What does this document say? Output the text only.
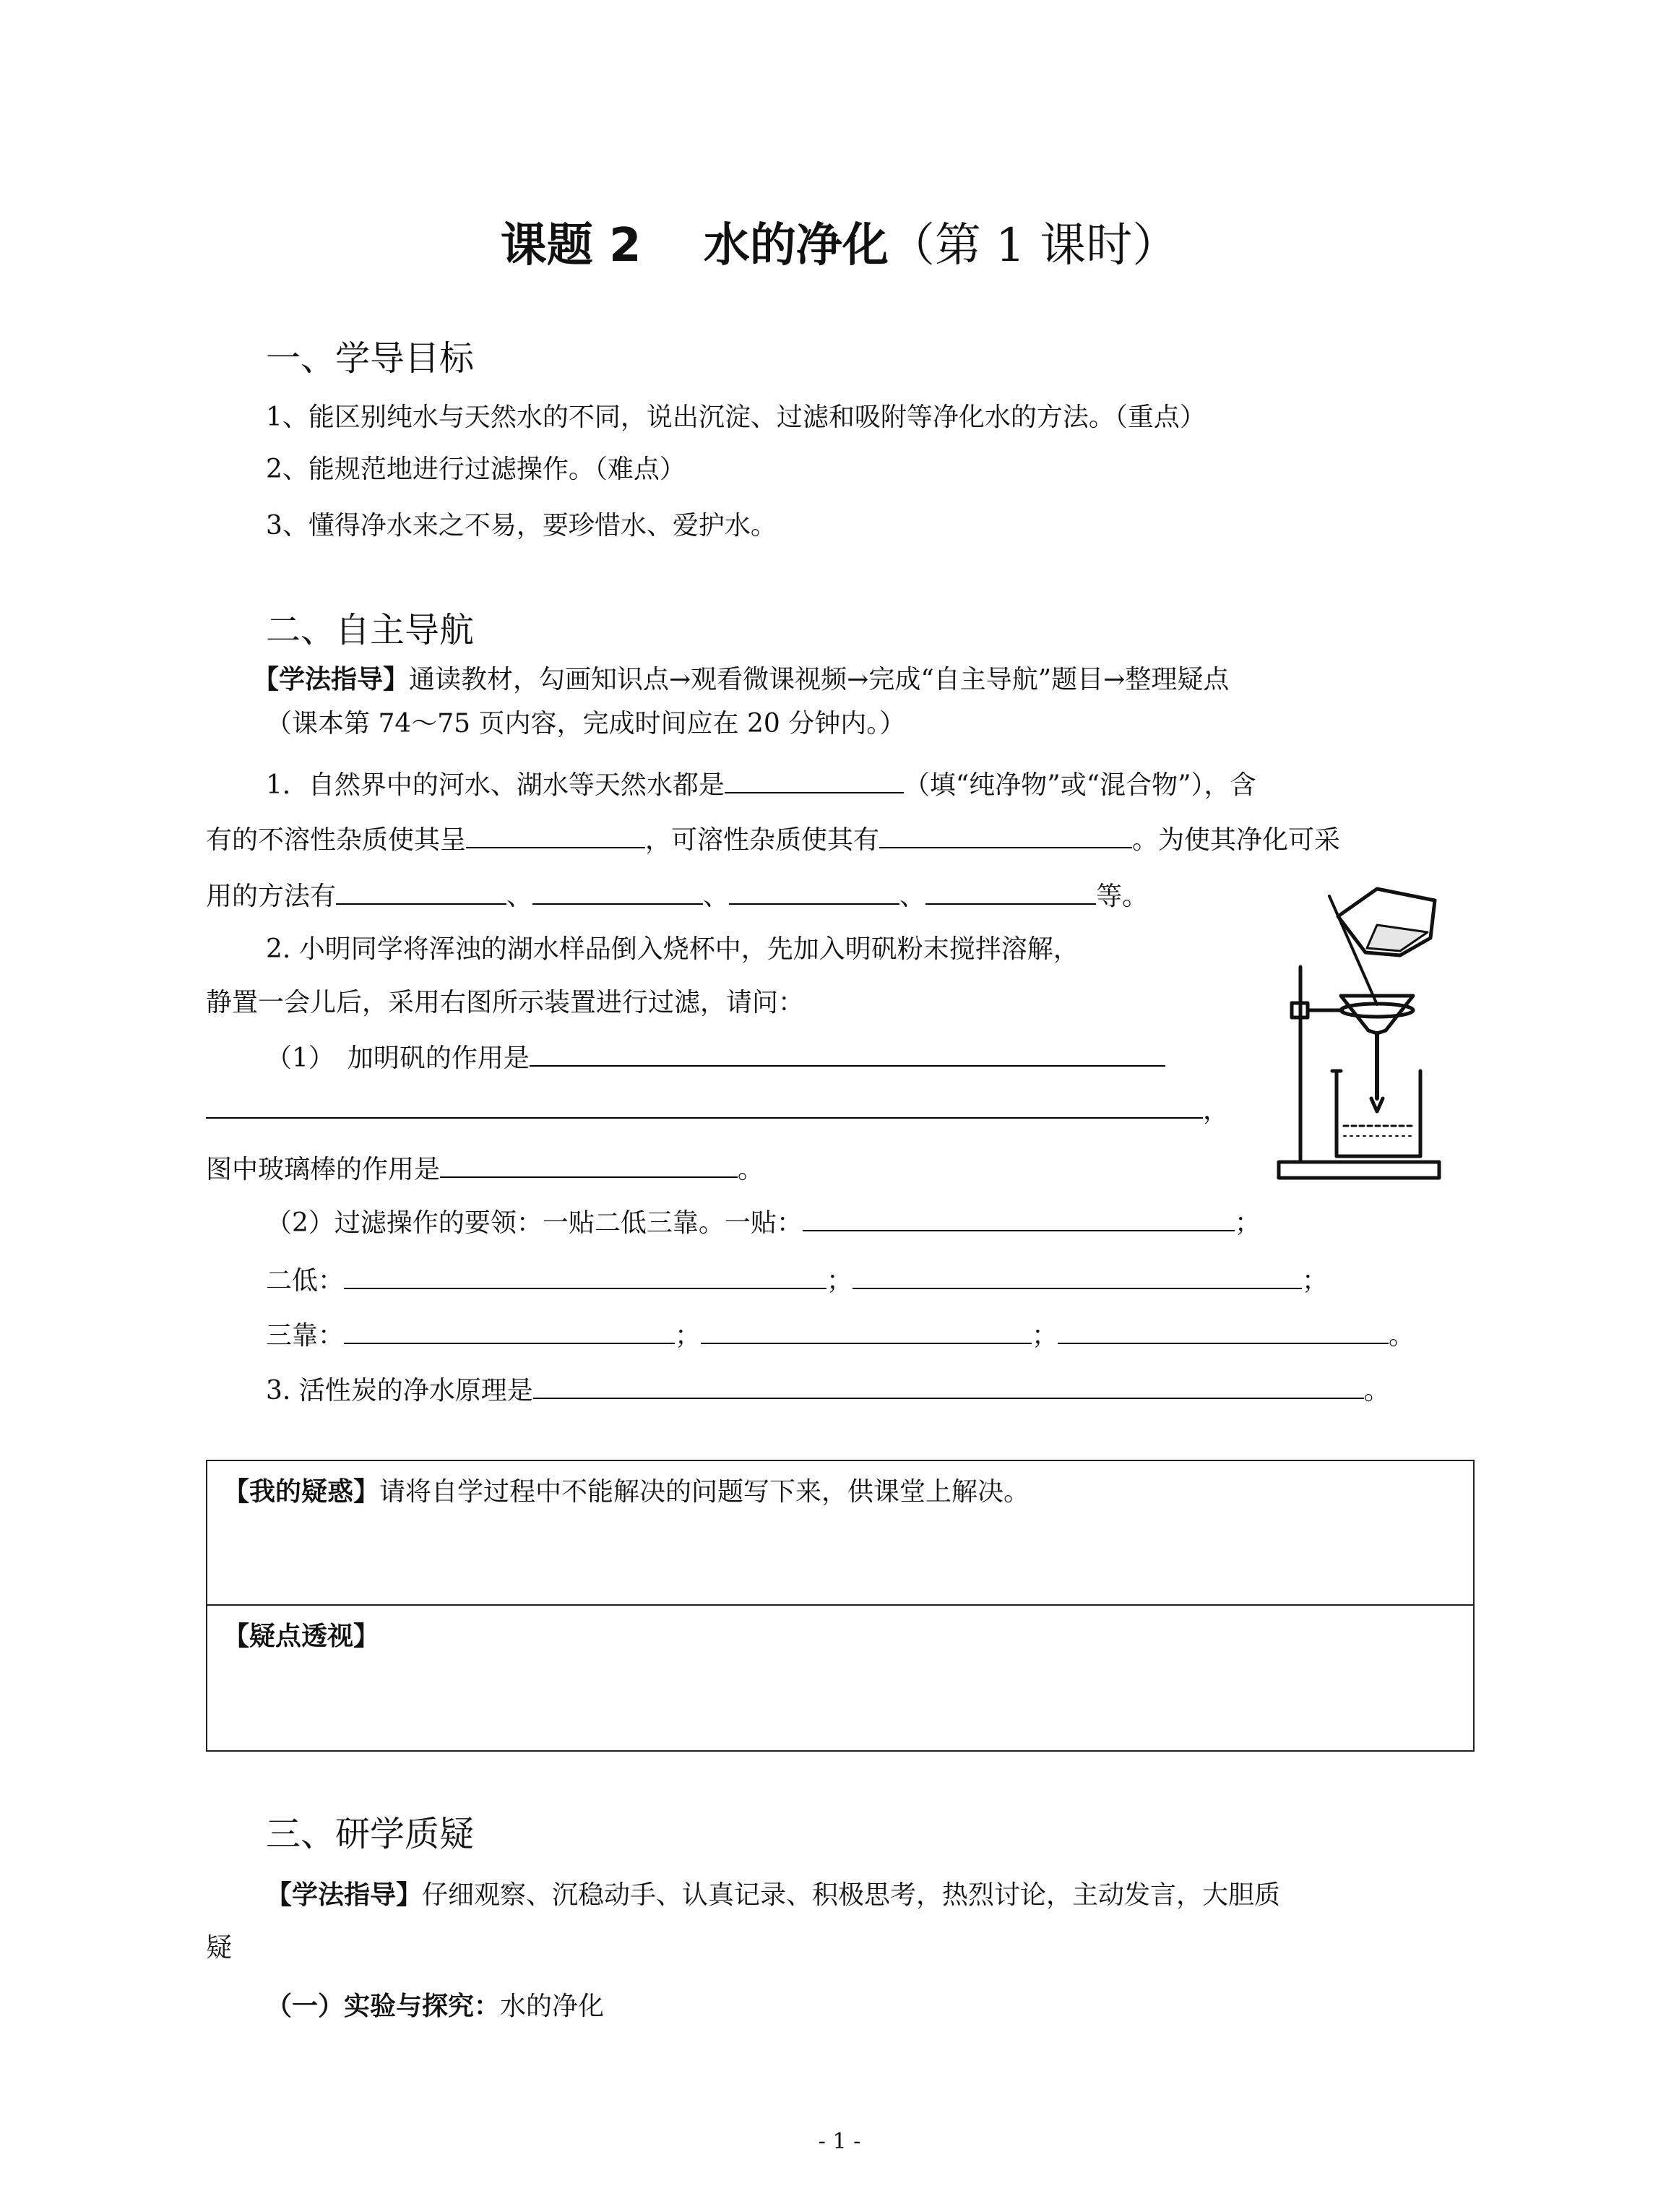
课题 2　 水的净化（第 1 课时）
一、学导目标
1、能区别纯水与天然水的不同，说出沉淀、过滤和吸附等净化水的方法。（重点）
2、能规范地进行过滤操作。（难点）
3、懂得净水来之不易，要珍惜水、爱护水。
二、自主导航
【学法指导】通读教材，勾画知识点→观看微课视频→完成“自主导航”题目→整理疑点
（课本第 74～75 页内容，完成时间应在 20 分钟内。）
1．自然界中的河水、湖水等天然水都是	（填“纯净物”或“混合物”），含
有的不溶性杂质使其呈	，可溶性杂质使其有	。为使其净化可采
用的方法有	、	、	、	等。
2. 小明同学将浑浊的湖水样品倒入烧杯中，先加入明矾粉末搅拌溶解，
静置一会儿后，采用右图所示装置进行过滤，请问：
（1）　加明矾的作用是
，
图中玻璃棒的作用是	。
（2）过滤操作的要领：一贴二低三靠。一贴：	；
二低：	；	；
三靠：	；	；	。
3. 活性炭的净水原理是	。
【我的疑惑】请将自学过程中不能解决的问题写下来，供课堂上解决。
【疑点透视】
三、研学质疑
【学法指导】仔细观察、沉稳动手、认真记录、积极思考，热烈讨论，主动发言，大胆质
疑
（一）实验与探究：水的净化
- 1 -
